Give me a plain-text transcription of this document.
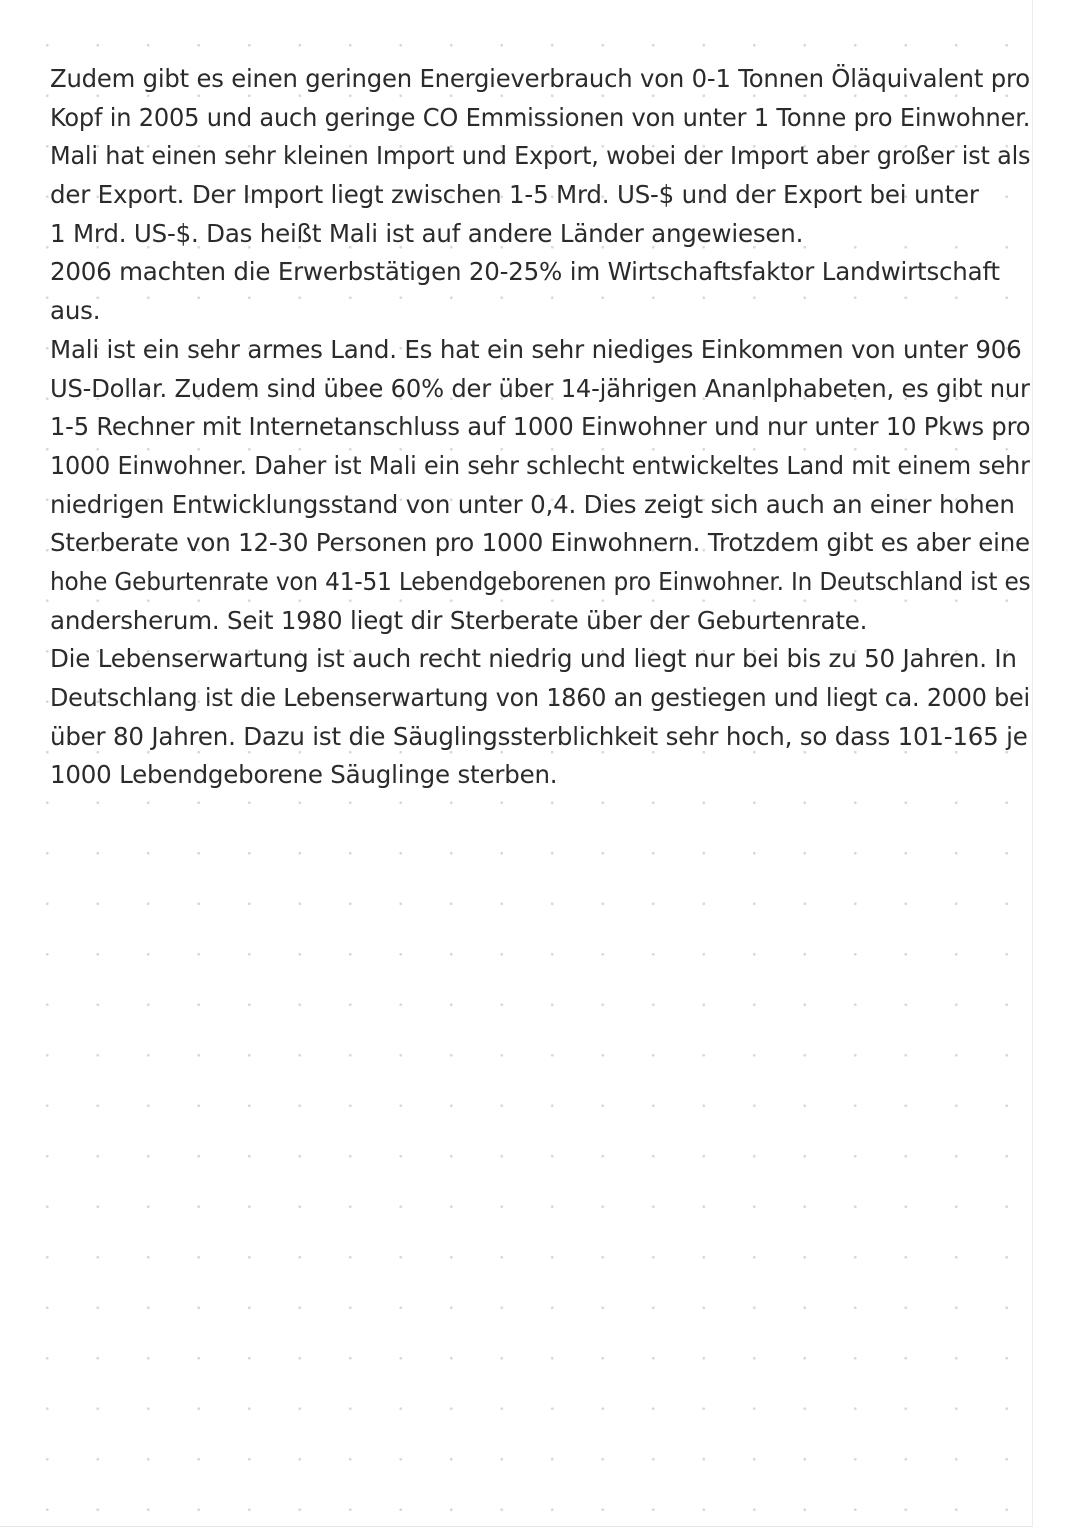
Zudem gibt es einen geringen Energieverbrauch von 0-1 Tonnen Öläquivalent pro
Kopf in 2005 und auch geringe CO Emmissionen von unter 1 Tonne pro Einwohner.
Mali hat einen sehr kleinen Import und Export, wobei der Import aber großer ist als
der Export. Der Import liegt zwischen 1-5 Mrd. US-$ und der Export bei unter
1 Mrd. US-$. Das heißt Mali ist auf andere Länder angewiesen.
2006 machten die Erwerbstätigen 20-25% im Wirtschaftsfaktor Landwirtschaft
aus.
Mali ist ein sehr armes Land. Es hat ein sehr niediges Einkommen von unter 906
US-Dollar. Zudem sind übee 60% der über 14-jährigen Ananlphabeten, es gibt nur
1-5 Rechner mit Internetanschluss auf 1000 Einwohner und nur unter 10 Pkws pro
1000 Einwohner. Daher ist Mali ein sehr schlecht entwickeltes Land mit einem sehr
niedrigen Entwicklungsstand von unter 0,4. Dies zeigt sich auch an einer hohen
Sterberate von 12-30 Personen pro 1000 Einwohnern. Trotzdem gibt es aber eine
hohe Geburtenrate von 41-51 Lebendgeborenen pro Einwohner. In Deutschland ist es
andersherum. Seit 1980 liegt dir Sterberate über der Geburtenrate.
Die Lebenserwartung ist auch recht niedrig und liegt nur bei bis zu 50 Jahren. In
Deutschlang ist die Lebenserwartung von 1860 an gestiegen und liegt ca. 2000 bei
über 80 Jahren. Dazu ist die Säuglingssterblichkeit sehr hoch, so dass 101-165 je
1000 Lebendgeborene Säuglinge sterben.
